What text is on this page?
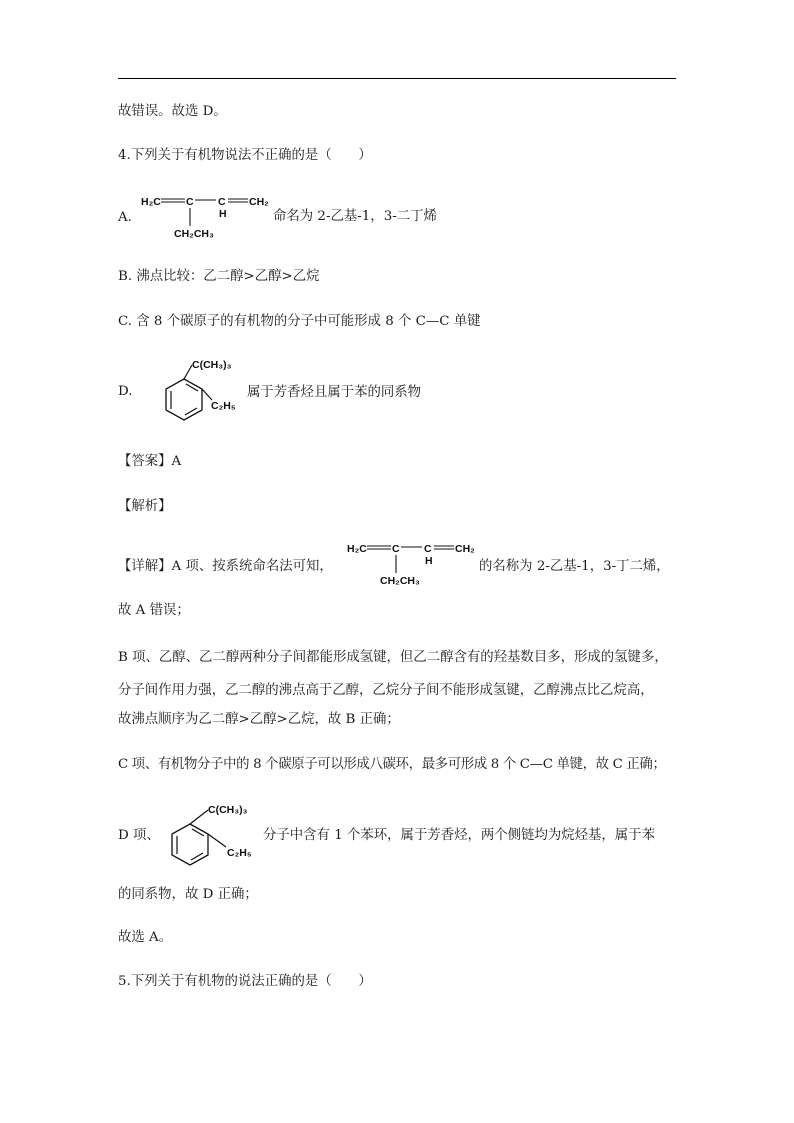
故错误。故选 D。
4.下列关于有机物说法不正确的是（　　）
A.
H₂C C C
H
CH₂
CH₂CH₃
命名为 2-乙基-1，3-二丁烯
B. 沸点比较：乙二醇>乙醇>乙烷
C. 含 8 个碳原子的有机物的分子中可能形成 8 个 C—C 单键
D.
C(CH₃)₃
C₂H₅
属于芳香烃且属于苯的同系物
【答案】A
【解析】
【详解】A 项、按系统命名法可知，
H₂C C C
H
CH₂
CH₂CH₃
的名称为 2-乙基-1，3-丁二烯，
故 A 错误；
B 项、乙醇、乙二醇两种分子间都能形成氢键，但乙二醇含有的羟基数目多，形成的氢键多，
分子间作用力强，乙二醇的沸点高于乙醇，乙烷分子间不能形成氢键，乙醇沸点比乙烷高，
故沸点顺序为乙二醇>乙醇>乙烷，故 B 正确；
C 项、有机物分子中的 8 个碳原子可以形成八碳环，最多可形成 8 个 C—C 单键，故 C 正确；
D 项、
C(CH₃)₃
C₂H₅
分子中含有 1 个苯环，属于芳香烃，两个侧链均为烷烃基，属于苯
的同系物，故 D 正确；
故选 A。
5.下列关于有机物的说法正确的是（　　）
